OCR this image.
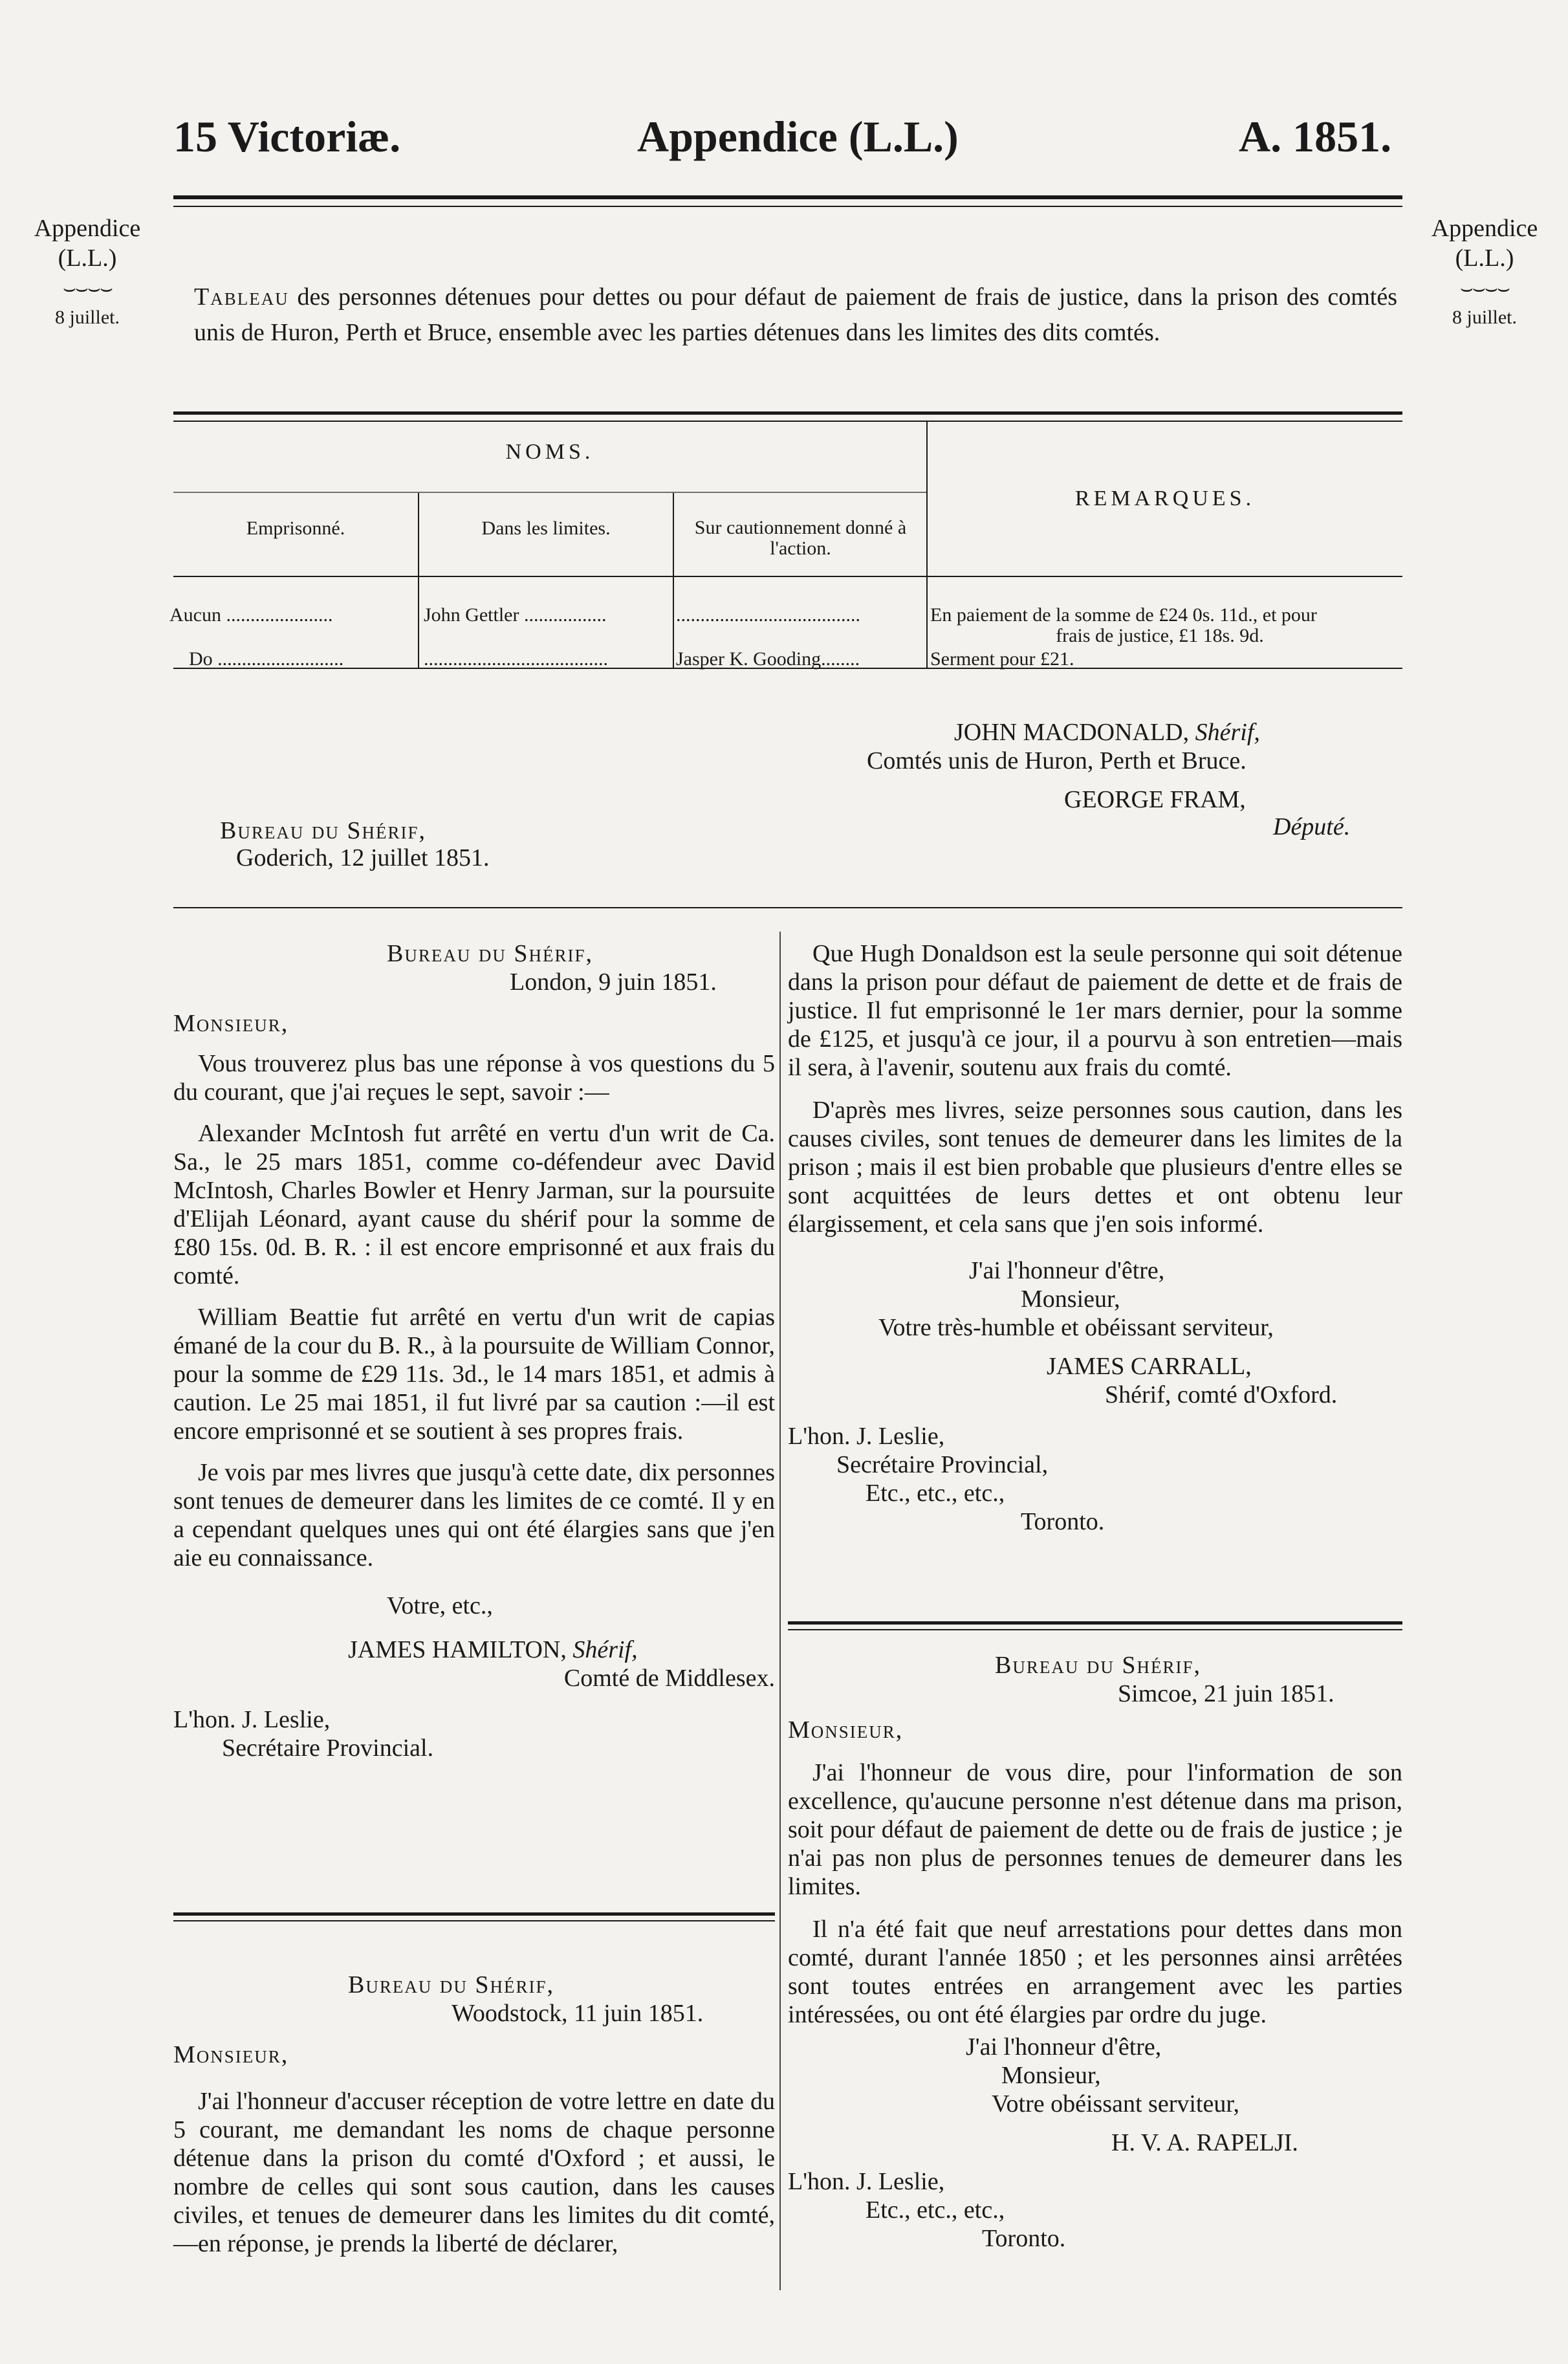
15 Victoriæ.	Appendice (L.L.)	A. 1851.
Appendice
(L.L.)
⌣⌣⌣⌣
8 juillet.
Appendice
(L.L.)
⌣⌣⌣⌣
8 juillet.
Tableau des personnes détenues pour dettes ou pour défaut de paiement de frais de justice, dans la prison des comtés unis de Huron, Perth et Bruce, ensemble avec les parties détenues dans les limites des dits comtés.
NOMS.
Emprisonné.	Dans les limites.	Sur cautionnement donné à l'action.
REMARQUES.
Aucun ......................	John Gettler .................	......................................	En paiement de la somme de £24 0s. 11d., et pour
frais de justice, £1 18s. 9d.
Do ..........................	......................................	Jasper K. Gooding........	Serment pour £21.
JOHN MACDONALD, Shérif,
Comtés unis de Huron, Perth et Bruce.
GEORGE FRAM,
Député.
Bureau du Shérif,
Goderich, 12 juillet 1851.
Bureau du Shérif,
London, 9 juin 1851.
Monsieur,

Vous trouverez plus bas une réponse à vos questions du 5 du courant, que j'ai reçues le sept, savoir :—

Alexander McIntosh fut arrêté en vertu d'un writ de Ca. Sa., le 25 mars 1851, comme co-défendeur avec David McIntosh, Charles Bowler et Henry Jarman, sur la poursuite d'Elijah Léonard, ayant cause du shérif pour la somme de £80 15s. 0d. B. R. : il est encore emprisonné et aux frais du comté.

William Beattie fut arrêté en vertu d'un writ de capias émané de la cour du B. R., à la poursuite de William Connor, pour la somme de £29 11s. 3d., le 14 mars 1851, et admis à caution. Le 25 mai 1851, il fut livré par sa caution :—il est encore emprisonné et se soutient à ses propres frais.

Je vois par mes livres que jusqu'à cette date, dix personnes sont tenues de demeurer dans les limites de ce comté. Il y en a cependant quelques unes qui ont été élargies sans que j'en aie eu connaissance.

Votre, etc.,
JAMES HAMILTON, Shérif,
Comté de Middlesex.
L'hon. J. Leslie,
Secrétaire Provincial.
Bureau du Shérif,
Woodstock, 11 juin 1851.
Monsieur,

J'ai l'honneur d'accuser réception de votre lettre en date du 5 courant, me demandant les noms de chaque personne détenue dans la prison du comté d'Oxford ; et aussi, le nombre de celles qui sont sous caution, dans les causes civiles, et tenues de demeurer dans les limites du dit comté,—en réponse, je prends la liberté de déclarer,

Que Hugh Donaldson est la seule personne qui soit détenue dans la prison pour défaut de paiement de dette et de frais de justice. Il fut emprisonné le 1er mars dernier, pour la somme de £125, et jusqu'à ce jour, il a pourvu à son entretien—mais il sera, à l'avenir, soutenu aux frais du comté.

D'après mes livres, seize personnes sous caution, dans les causes civiles, sont tenues de demeurer dans les limites de la prison ; mais il est bien probable que plusieurs d'entre elles se sont acquittées de leurs dettes et ont obtenu leur élargissement, et cela sans que j'en sois informé.

J'ai l'honneur d'être,
Monsieur,
Votre très-humble et obéissant serviteur,
JAMES CARRALL,
Shérif, comté d'Oxford.
L'hon. J. Leslie,
Secrétaire Provincial,
Etc., etc., etc.,
Toronto.
Bureau du Shérif,
Simcoe, 21 juin 1851.
Monsieur,

J'ai l'honneur de vous dire, pour l'information de son excellence, qu'aucune personne n'est détenue dans ma prison, soit pour défaut de paiement de dette ou de frais de justice ; je n'ai pas non plus de personnes tenues de demeurer dans les limites.

Il n'a été fait que neuf arrestations pour dettes dans mon comté, durant l'année 1850 ; et les personnes ainsi arrêtées sont toutes entrées en arrangement avec les parties intéressées, ou ont été élargies par ordre du juge.

J'ai l'honneur d'être,
Monsieur,
Votre obéissant serviteur,
H. V. A. RAPELJI.
L'hon. J. Leslie,
Etc., etc., etc.,
Toronto.
